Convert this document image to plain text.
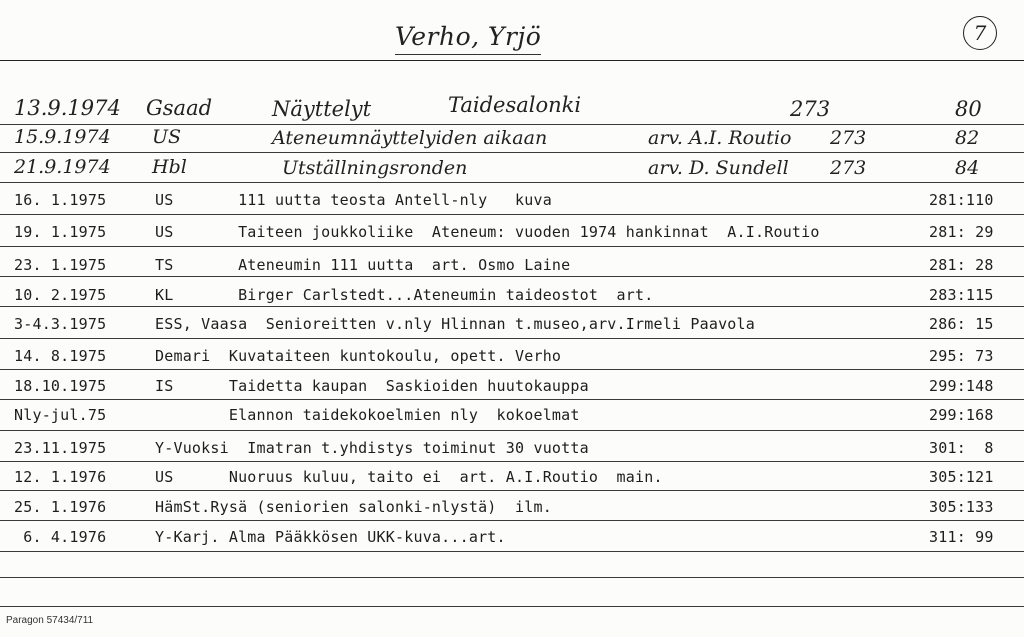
Verho, Yrjö	7
13.9.1974 Gsaad	Näyttelyt	Taidesalonki	273	80
15.9.1974 US	Ateneumnäyttelyiden aikaan	arv. A.I. Routio 273	82
21.9.1974 Hbl	Utställningsronden	arv. D. Sundell 273	84
16. 1.1975	US       111 uutta teosta Antell-nly   kuva	281:110
19. 1.1975	US       Taiteen joukkoliike  Ateneum: vuoden 1974 hankinnat  A.I.Routio	281: 29
23. 1.1975	TS       Ateneumin 111 uutta  art. Osmo Laine	281: 28
10. 2.1975	KL       Birger Carlstedt...Ateneumin taideostot  art.	283:115
3-4.3.1975	ESS, Vaasa  Senioreitten v.nly Hlinnan t.museo,arv.Irmeli Paavola	286: 15
14. 8.1975	Demari  Kuvataiteen kuntokoulu, opett. Verho	295: 73
18.10.1975	IS      Taidetta kaupan  Saskioiden huutokauppa	299:148
Nly-jul.75	Elannon taidekokoelmien nly  kokoelmat	299:168
23.11.1975	Y-Vuoksi  Imatran t.yhdistys toiminut 30 vuotta	301:  8
12. 1.1976	US      Nuoruus kuluu, taito ei  art. A.I.Routio  main.	305:121
25. 1.1976	HämSt.Rysä (seniorien salonki-nlystä)  ilm.	305:133
6. 4.1976	Y-Karj. Alma Pääkkösen UKK-kuva...art.	311: 99
Paragon 57434/711
